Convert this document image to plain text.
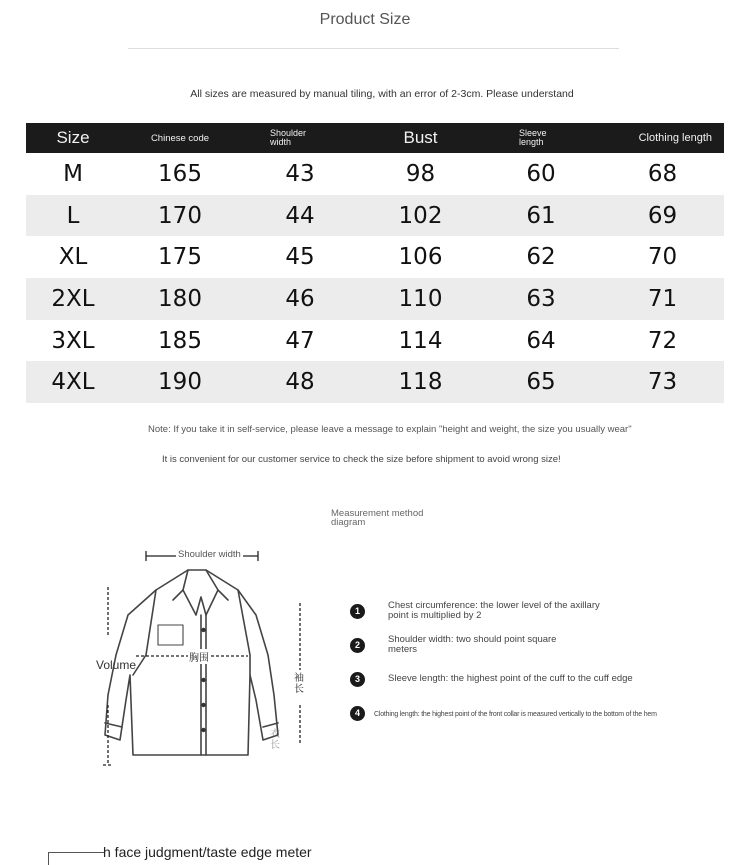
Product Size
All sizes are measured by manual tiling, with an error of 2-3cm. Please understand
Size	Chinese code	Shoulder width	Bust	Sleeve length	Clothing length
M	165	43	98	60	68
L	170	44	102	61	69
XL	175	45	106	62	70
2XL	180	46	110	63	71
3XL	185	47	114	64	72
4XL	190	48	118	65	73
Note: If you take it in self-service, please leave a message to explain "height and weight, the size you usually wear"
It is convenient for our customer service to check the size before shipment to avoid wrong size!
Measurement method diagram
Shoulder width
Volume	胸围
袖长
衣长
1	Chest circumference: the lower level of the axillary point is multiplied by 2
2	Shoulder width: two should point square meters
3	Sleeve length: the highest point of the cuff to the cuff edge
4	Clothing length: the highest point of the front collar is measured vertically to the bottom of the hem
h face judgment/taste edge meter
